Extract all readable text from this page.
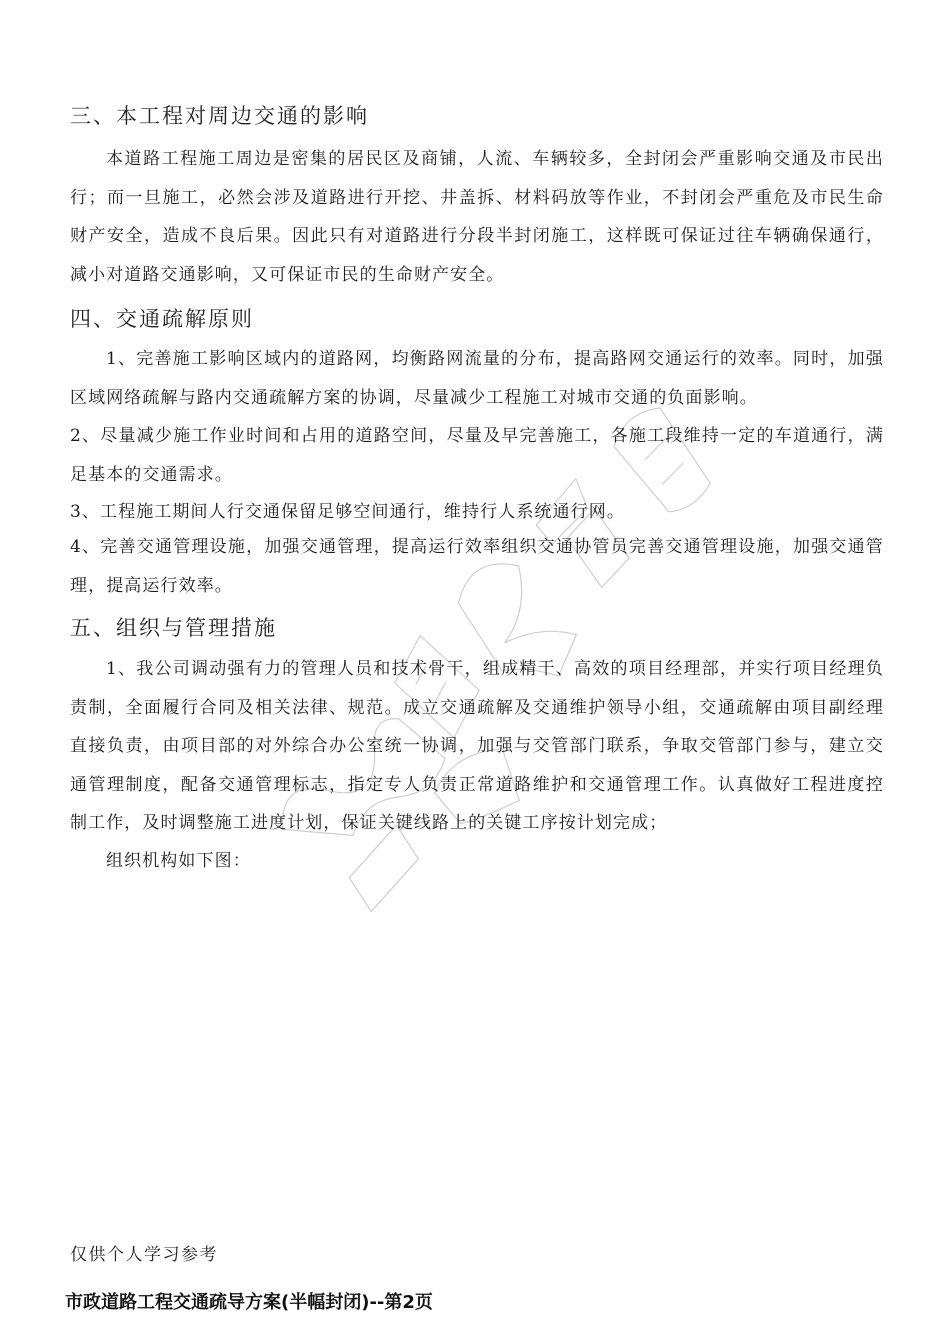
三、本工程对周边交通的影响
本道路工程施工周边是密集的居民区及商铺，人流、车辆较多，全封闭会严重影响交通及市民出行；而一旦施工，必然会涉及道路进行开挖、井盖拆、材料码放等作业，不封闭会严重危及市民生命财产安全，造成不良后果。因此只有对道路进行分段半封闭施工，这样既可保证过往车辆确保通行，减小对道路交通影响，又可保证市民的生命财产安全。
四、交通疏解原则
1、完善施工影响区域内的道路网，均衡路网流量的分布，提高路网交通运行的效率。同时，加强区域网络疏解与路内交通疏解方案的协调，尽量减少工程施工对城市交通的负面影响。
2、尽量减少施工作业时间和占用的道路空间，尽量及早完善施工，各施工段维持一定的车道通行，满足基本的交通需求。
3、工程施工期间人行交通保留足够空间通行，维持行人系统通行网。
4、完善交通管理设施，加强交通管理，提高运行效率组织交通协管员完善交通管理设施，加强交通管理，提高运行效率。
五、组织与管理措施
1、我公司调动强有力的管理人员和技术骨干，组成精干、高效的项目经理部，并实行项目经理负责制，全面履行合同及相关法律、规范。成立交通疏解及交通维护领导小组，交通疏解由项目副经理直接负责，由项目部的对外综合办公室统一协调，加强与交管部门联系，争取交管部门参与，建立交通管理制度，配备交通管理标志，指定专人负责正常道路维护和交通管理工作。认真做好工程进度控制工作，及时调整施工进度计划，保证关键线路上的关键工序按计划完成；
组织机构如下图：
仅供个人学习参考
市政道路工程交通疏导方案(半幅封闭)--第2页
